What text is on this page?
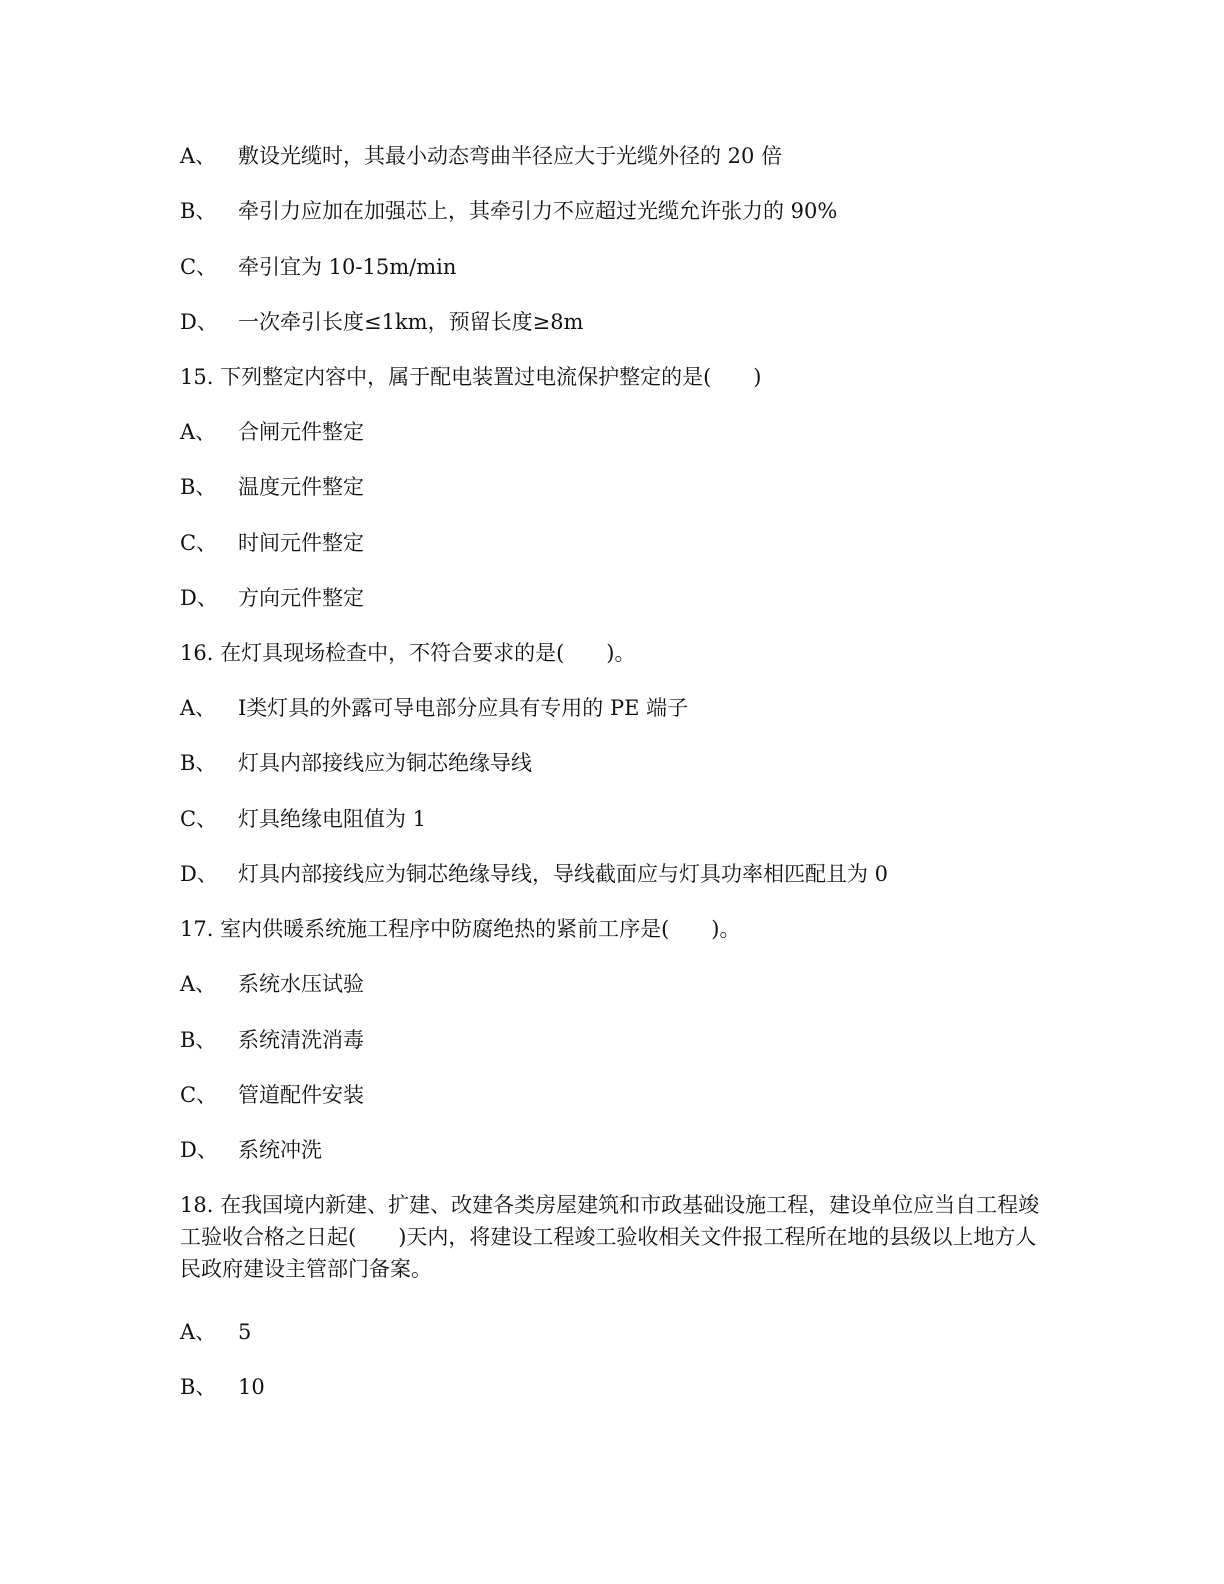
A、 敷设光缆时，其最小动态弯曲半径应大于光缆外径的 20 倍
B、 牵引力应加在加强芯上，其牵引力不应超过光缆允许张力的 90%
C、 牵引宜为 10-15m/min
D、 一次牵引长度≤1km，预留长度≥8m
15. 下列整定内容中，属于配电装置过电流保护整定的是(　　)
A、 合闸元件整定
B、 温度元件整定
C、 时间元件整定
D、 方向元件整定
16. 在灯具现场检查中，不符合要求的是(　　)。
A、 Ⅰ类灯具的外露可导电部分应具有专用的 PE 端子
B、 灯具内部接线应为铜芯绝缘导线
C、 灯具绝缘电阻值为 1
D、 灯具内部接线应为铜芯绝缘导线，导线截面应与灯具功率相匹配且为 0
17. 室内供暖系统施工程序中防腐绝热的紧前工序是(　　)。
A、 系统水压试验
B、 系统清洗消毒
C、 管道配件安装
D、 系统冲洗
18. 在我国境内新建、扩建、改建各类房屋建筑和市政基础设施工程，建设单位应当自工程竣工验收合格之日起(　　)天内，将建设工程竣工验收相关文件报工程所在地的县级以上地方人民政府建设主管部门备案。
A、 5
B、 10
